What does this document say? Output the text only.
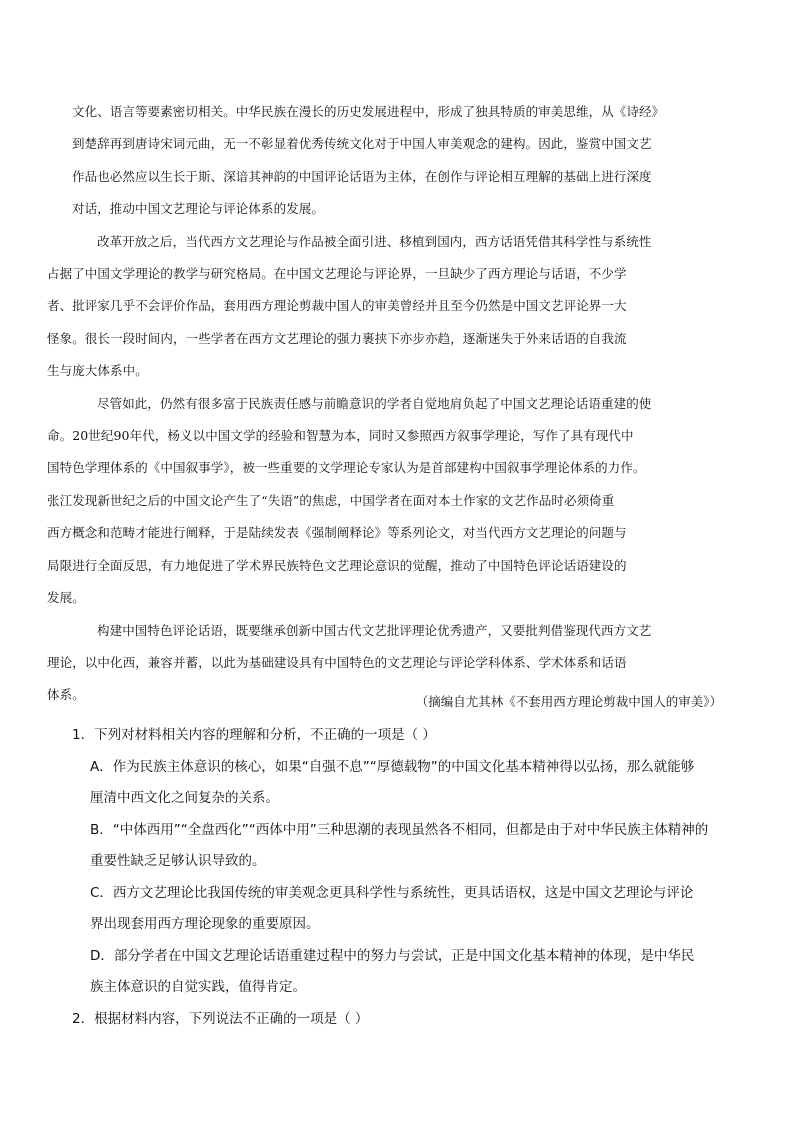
文化、语言等要素密切相关。中华民族在漫长的历史发展进程中，形成了独具特质的审美思维，从《诗经》
到楚辞再到唐诗宋词元曲，无一不彰显着优秀传统文化对于中国人审美观念的建构。因此，鉴赏中国文艺
作品也必然应以生长于斯、深谙其神韵的中国评论话语为主体，在创作与评论相互理解的基础上进行深度
对话，推动中国文艺理论与评论体系的发展。

改革开放之后，当代西方文艺理论与作品被全面引进、移植到国内，西方话语凭借其科学性与系统性
占据了中国文学理论的教学与研究格局。在中国文艺理论与评论界，一旦缺少了西方理论与话语，不少学
者、批评家几乎不会评价作品，套用西方理论剪裁中国人的审美曾经并且至今仍然是中国文艺评论界一大
怪象。很长一段时间内，一些学者在西方文艺理论的强力裹挟下亦步亦趋，逐渐迷失于外来话语的自我流
生与庞大体系中。

尽管如此，仍然有很多富于民族责任感与前瞻意识的学者自觉地肩负起了中国文艺理论话语重建的使
命。20世纪90年代，杨义以中国文学的经验和智慧为本，同时又参照西方叙事学理论，写作了具有现代中
国特色学理体系的《中国叙事学》，被一些重要的文学理论专家认为是首部建构中国叙事学理论体系的力作。
张江发现新世纪之后的中国文论产生了“失语”的焦虑，中国学者在面对本土作家的文艺作品时必须倚重
西方概念和范畴才能进行阐释，于是陆续发表《强制阐释论》等系列论文，对当代西方文艺理论的问题与
局限进行全面反思，有力地促进了学术界民族特色文艺理论意识的觉醒，推动了中国特色评论话语建设的
发展。

构建中国特色评论话语，既要继承创新中国古代文艺批评理论优秀遗产，又要批判借鉴现代西方文艺
理论，以中化西，兼容并蓄，以此为基础建设具有中国特色的文艺理论与评论学科体系、学术体系和话语
体系。	（摘编自尤其林《不套用西方理论剪裁中国人的审美》）

1．下列对材料相关内容的理解和分析，不正确的一项是（ ）

A．作为民族主体意识的核心，如果“自强不息”“厚德载物”的中国文化基本精神得以弘扬，那么就能够
厘清中西文化之间复杂的关系。

B．“中体西用”“全盘西化”“西体中用”三种思潮的表现虽然各不相同，但都是由于对中华民族主体精神的
重要性缺乏足够认识导致的。

C．西方文艺理论比我国传统的审美观念更具科学性与系统性，更具话语权，这是中国文艺理论与评论
界出现套用西方理论现象的重要原因。

D．部分学者在中国文艺理论话语重建过程中的努力与尝试，正是中国文化基本精神的体现，是中华民
族主体意识的自觉实践，值得肯定。

2．根据材料内容，下列说法不正确的一项是（ ）
